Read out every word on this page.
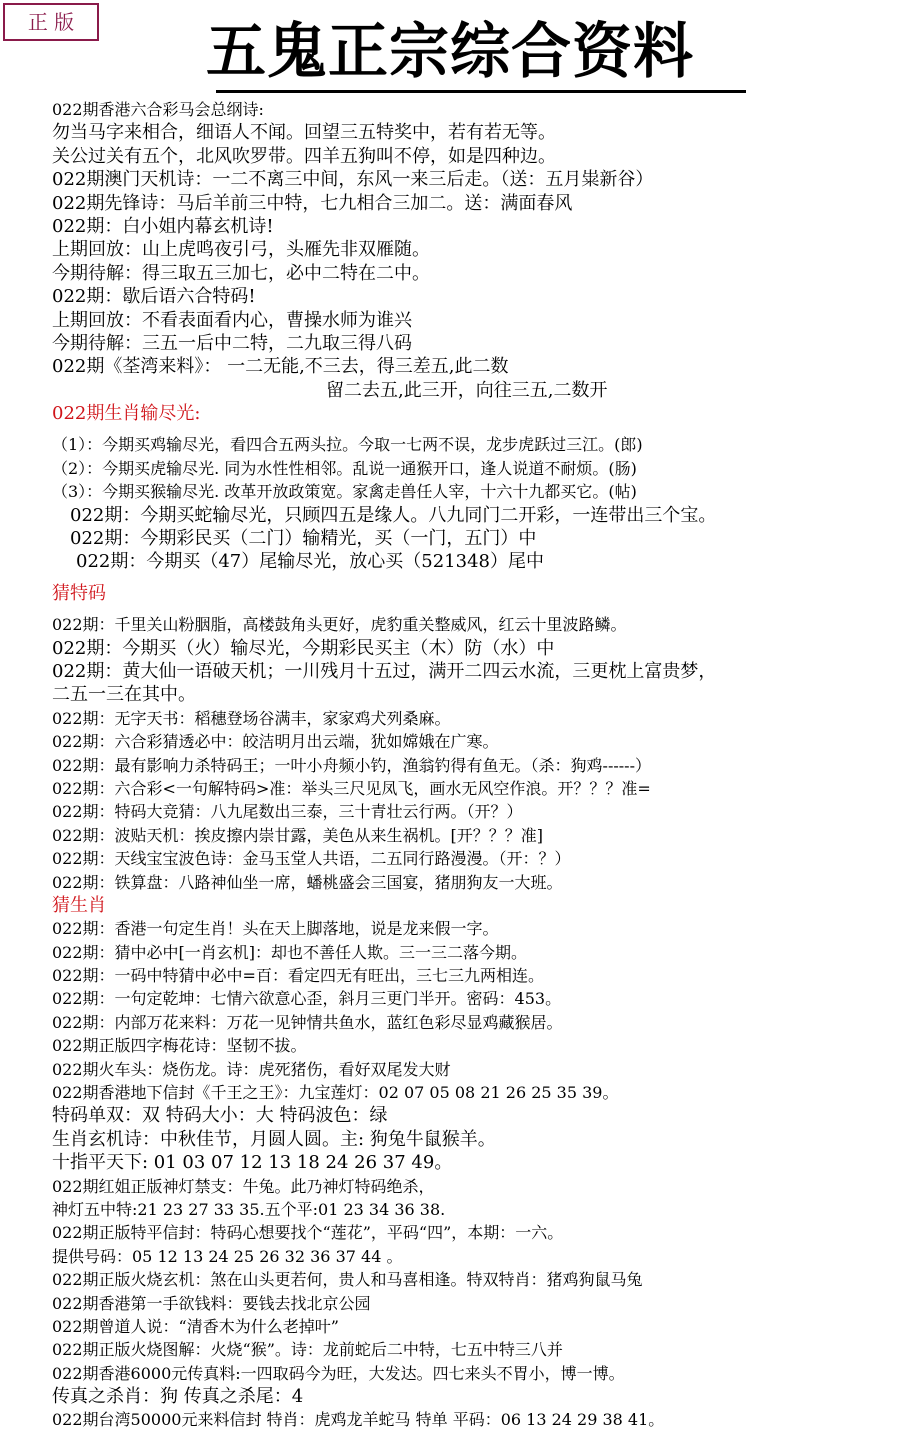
正 版	五鬼正宗综合资料
022期香港六合彩马会总纲诗:
勿当马字来相合，细语人不闻。回望三五特奖中，若有若无等。
关公过关有五个，北风吹罗带。四羊五狗叫不停，如是四种边。
022期澳门天机诗：一二不离三中间，东风一来三后走。（送：五月粜新谷）
022期先锋诗：马后羊前三中特，七九相合三加二。送：满面春风
022期：白小姐内幕玄机诗!
上期回放：山上虎鸣夜引弓，头雁先非双雁随。
今期待解：得三取五三加七，必中二特在二中。
022期：歇后语六合特码!
上期回放：不看表面看内心，曹操水师为谁兴
今期待解：三五一后中二特，二九取三得八码
022期《荃湾来料》： 一二无能,不三去，得三差五,此二数
留二去五,此三开，向往三五,二数开
022期生肖输尽光:
（1）：今期买鸡输尽光，看四合五两头拉。今取一七两不误，龙步虎跃过三江。(郎)
（2）：今期买虎输尽光. 同为水性性相邻。乱说一通猴开口，逢人说道不耐烦。(肠)
（3）：今期买猴输尽光. 改革开放政策宽。家禽走兽任人宰，十六十九都买它。(帖)
022期：今期买蛇输尽光，只顾四五是缘人。八九同门二开彩，一连带出三个宝。
022期：今期彩民买（二门）输精光，买（一门，五门）中
022期：今期买（47）尾输尽光，放心买（521348）尾中
猜特码
022期：千里关山粉胭脂，高楼鼓角头更好，虎豹重关整威风，红云十里波路鳞。
022期：今期买（火）输尽光，今期彩民买主（木）防（水）中
022期：黄大仙一语破天机；一川残月十五过，满开二四云水流，三更枕上富贵梦，
二五一三在其中。
022期：无字天书：稻穗登场谷满丰，家家鸡犬列桑麻。
022期：六合彩猜透必中：皎洁明月出云端，犹如嫦娥在广寒。
022期：最有影响力杀特码王；一叶小舟频小钓，渔翁钓得有鱼无。（杀：狗鸡------）
022期：六合彩<一句解特码>准：举头三尺见凤飞，画水无风空作浪。开？？？准=
022期：特码大竞猜：八九尾数出三泰，三十青壮云行两。（开？）
022期：波贴天机：挨皮擦内崇甘露，美色从来生祸机。[开？？？准]
022期：天线宝宝波色诗：金马玉堂人共语，二五同行路漫漫。（开：？）
022期：铁算盘：八路神仙坐一席，蟠桃盛会三国宴，猪朋狗友一大班。
猜生肖
022期：香港一句定生肖！头在天上脚落地，说是龙来假一字。
022期：猜中必中[一肖玄机]：却也不善任人欺。三一三二落今期。
022期：一码中特猜中必中=百：看定四无有旺出，三七三九两相连。
022期：一句定乾坤：七情六欲意心歪，斜月三更门半开。密码：453。
022期：内部万花来料：万花一见钟情共鱼水，蓝红色彩尽显鸡藏猴居。
022期正版四字梅花诗：坚韧不拔。
022期火车头：烧伤龙。诗：虎死猪伤，看好双尾发大财
022期香港地下信封《千王之王》：九宝莲灯：02 07 05 08 21 26 25 35 39。
特码单双：双 特码大小：大 特码波色：绿
生肖玄机诗：中秋佳节，月圆人圆。主: 狗兔牛鼠猴羊。
十指平天下: 01 03 07 12 13 18 24 26 37 49。
022期红姐正版神灯禁支：牛兔。此乃神灯特码绝杀，
神灯五中特:21 23 27 33 35.五个平:01 23 34 36 38.
022期正版特平信封：特码心想要找个“莲花”，平码“四”，本期：一六。
提供号码：05 12 13 24 25 26 32 36 37 44 。
022期正版火烧玄机：煞在山头更若何，贵人和马喜相逢。特双特肖：猪鸡狗鼠马兔
022期香港第一手欲钱料：要钱去找北京公园
022期曾道人说：“清香木为什么老掉叶”
022期正版火烧图解：火烧“猴”。诗：龙前蛇后二中特，七五中特三八并
022期香港6000元传真料:一四取码今为旺，大发达。四七来头不胃小，博一博。
传真之杀肖：狗 传真之杀尾：4
022期台湾50000元来料信封 特肖：虎鸡龙羊蛇马 特单 平码：06 13 24 29 38 41。
